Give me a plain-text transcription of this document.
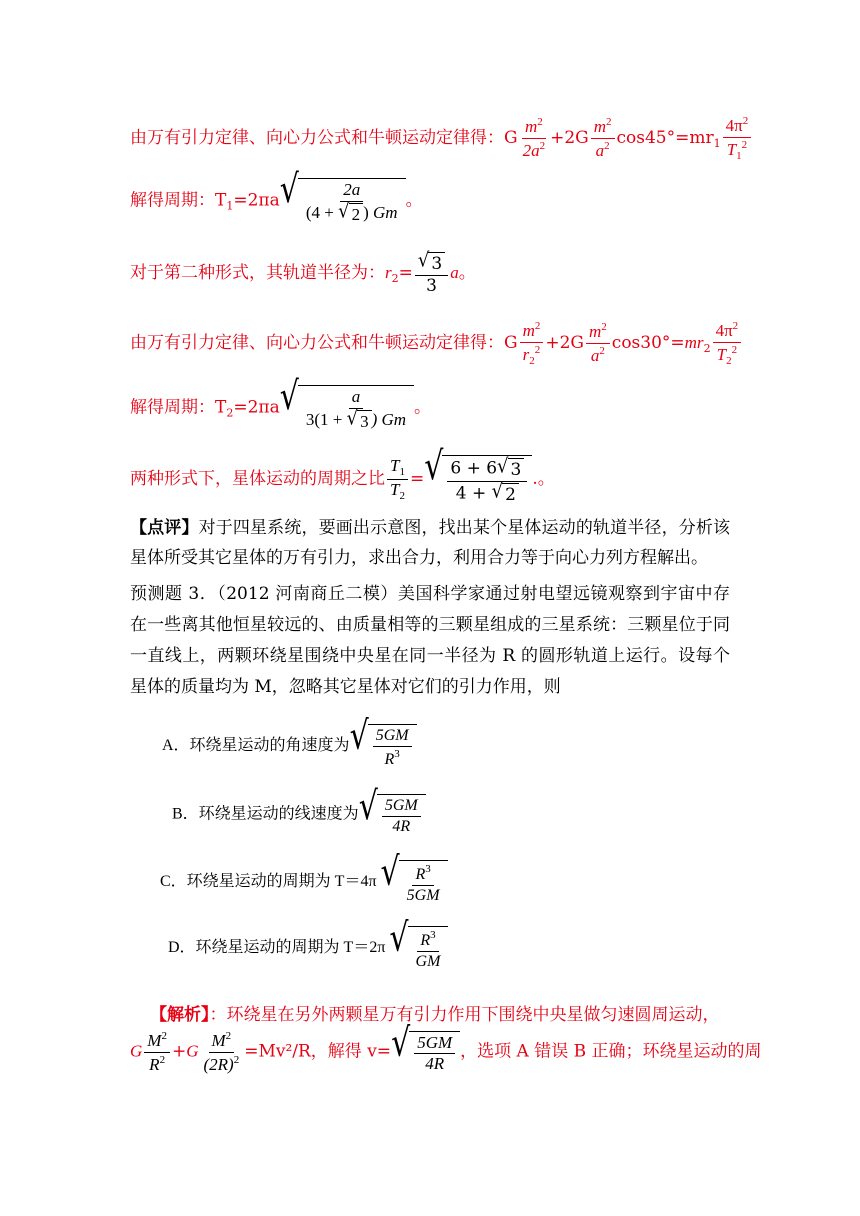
由万有引力定律、向心力公式和牛顿运动定律得：G $\frac{m^2}{2a^2} +2G \frac{m^2}{a^2} \cos 45^\circ=mr_1 \frac{4\pi^2}{T_1^2}$
解得周期：$T_1=2\pi a$ √ $\frac{2a}{(4 + √ 2 ) Gm}$ 。
对于第二种形式，其轨道半径为：$r_2= \frac{√ 3}{3}$ a。
由万有引力定律、向心力公式和牛顿运动定律得：G $\frac{m^2}{r_2^2} +2G \frac{m^2}{a^2} \cos 30^\circ=mr_2 \frac{4\pi^2}{T_2^2}$
解得周期：$T_2=2\pi a$ √ $\frac{a}{3(1 + √ 3 ) Gm}$ 。
两种形式下，星体运动的周期之比 $\frac{T_1}{T_2}$ = √ $\frac{6 + 6 √ 3}{4 + √ 2}$ .。
【点评】对于四星系统，要画出示意图，找出某个星体运动的轨道半径，分析该星体所受其它星体的万有引力，求出合力，利用合力等于向心力列方程解出。
预测题 3．（2012 河南商丘二模）美国科学家通过射电望远镜观察到宇宙中存在一些离其他恒星较远的、由质量相等的三颗星组成的三星系统：三颗星位于同一直线上，两颗环绕星围绕中央星在同一半径为 R 的圆形轨道上运行。设每个星体的质量均为 M，忽略其它星体对它们的引力作用，则
A．环绕星运动的角速度为 √ $\frac{5GM}{R^3}$
B．环绕星运动的线速度为 √ $\frac{5GM}{4R}$
C．环绕星运动的周期为 T＝4π √ $\frac{R^3}{5GM}$
D．环绕星运动的周期为 T＝2π √ $\frac{R^3}{GM}$
【解析】：环绕星在另外两颗星万有引力作用下围绕中央星做匀速圆周运动，
G $\frac{M^2}{R^2} +G \frac{M^2}{(2R)^2} =Mv^2/R$，解得 v= √ $\frac{5GM}{4R}$ ，选项 A 错误 B 正确；环绕星运动的周
